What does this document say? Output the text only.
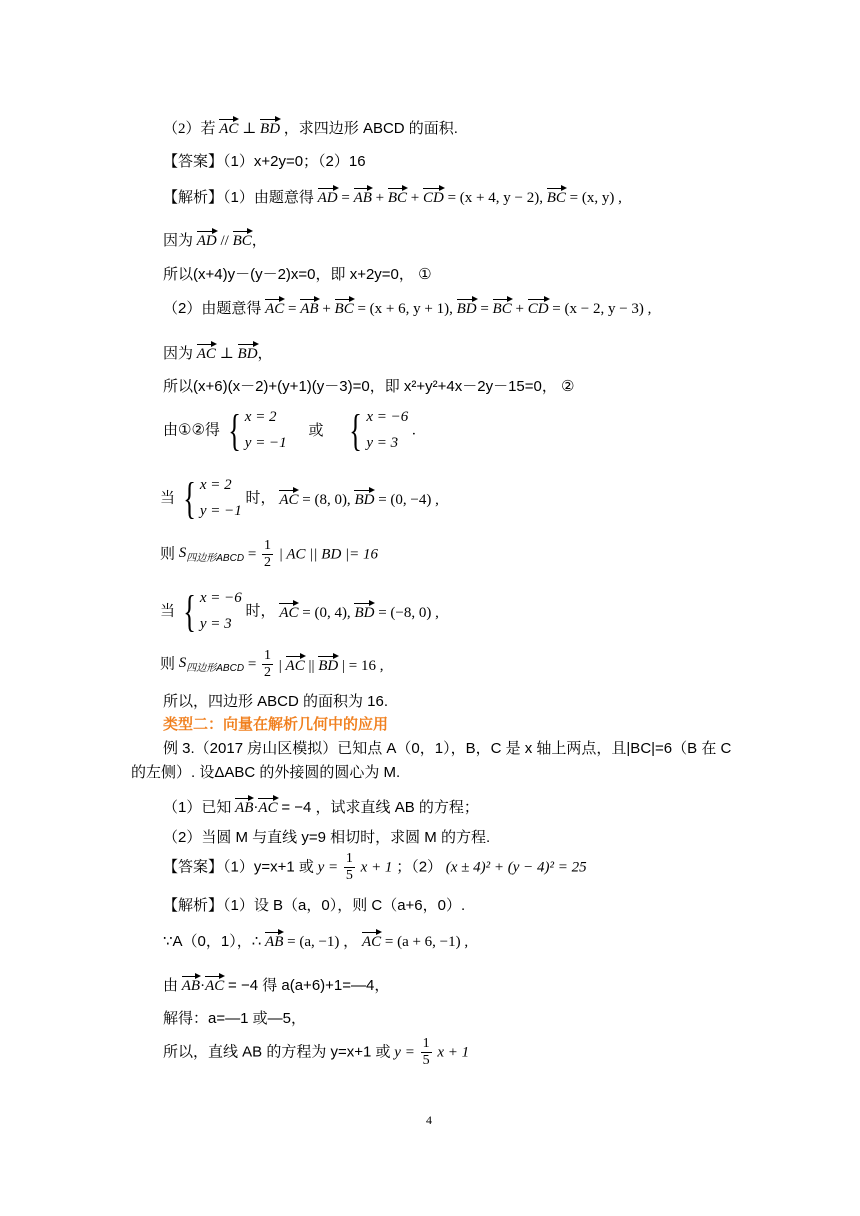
（2）若 AC ⊥ BD ，求四边形 ABCD 的面积.
【答案】（1）x+2y=0；（2）16
【解析】（1）由题意得 AD = AB + BC + CD = (x + 4, y − 2), BC = (x, y) ,
因为 AD // BC，
所以(x+4)y－(y－2)x=0，即 x+2y=0， ①
（2）由题意得 AC = AB + BC = (x + 6, y + 1), BD = BC + CD = (x − 2, y − 3) ,
因为 AC ⊥ BD，
所以(x+6)(x－2)+(y+1)(y－3)=0，即 x²+y²+4x－2y－15=0， ②
由①②得 { x = 2
y = −1
或 { x = −6
y = 3
.
当 { x = 2
y = −1
时， AC = (8, 0), BD = (0, −4) ,
则 $S_{四边形ABCD} = \frac{1}{2}$ | AC || BD |= 16
当 { x = −6
y = 3
时， AC = (0, 4), BD = (−8, 0) ,
则 $S_{四边形ABCD} = \frac{1}{2}$ | AC || BD | = 16 ,
所以，四边形 ABCD 的面积为 16.
类型二：向量在解析几何中的应用
例 3.（2017 房山区模拟）已知点 A（0，1），B，C 是 x 轴上两点，且|BC|=6（B 在 C
的左侧）. 设ΔABC 的外接圆的圆心为 M.
（1）已知 AB·AC = −4 ，试求直线 AB 的方程；
（2）当圆 M 与直线 y=9 相切时，求圆 M 的方程.
【答案】（1）y=x+1 或 $y = \frac{1}{5}$ x + 1 ；（2） (x ± 4)² + (y − 4)² = 25
【解析】（1）设 B（a，0），则 C（a+6，0）.
∵A（0，1），∴ AB = (a, −1) ， AC = (a + 6, −1) ,
由 AB·AC = −4 得 a(a+6)+1=—4，
解得：a=—1 或—5，
所以，直线 AB 的方程为 y=x+1 或 $y = \frac{1}{5}$ x + 1
4
